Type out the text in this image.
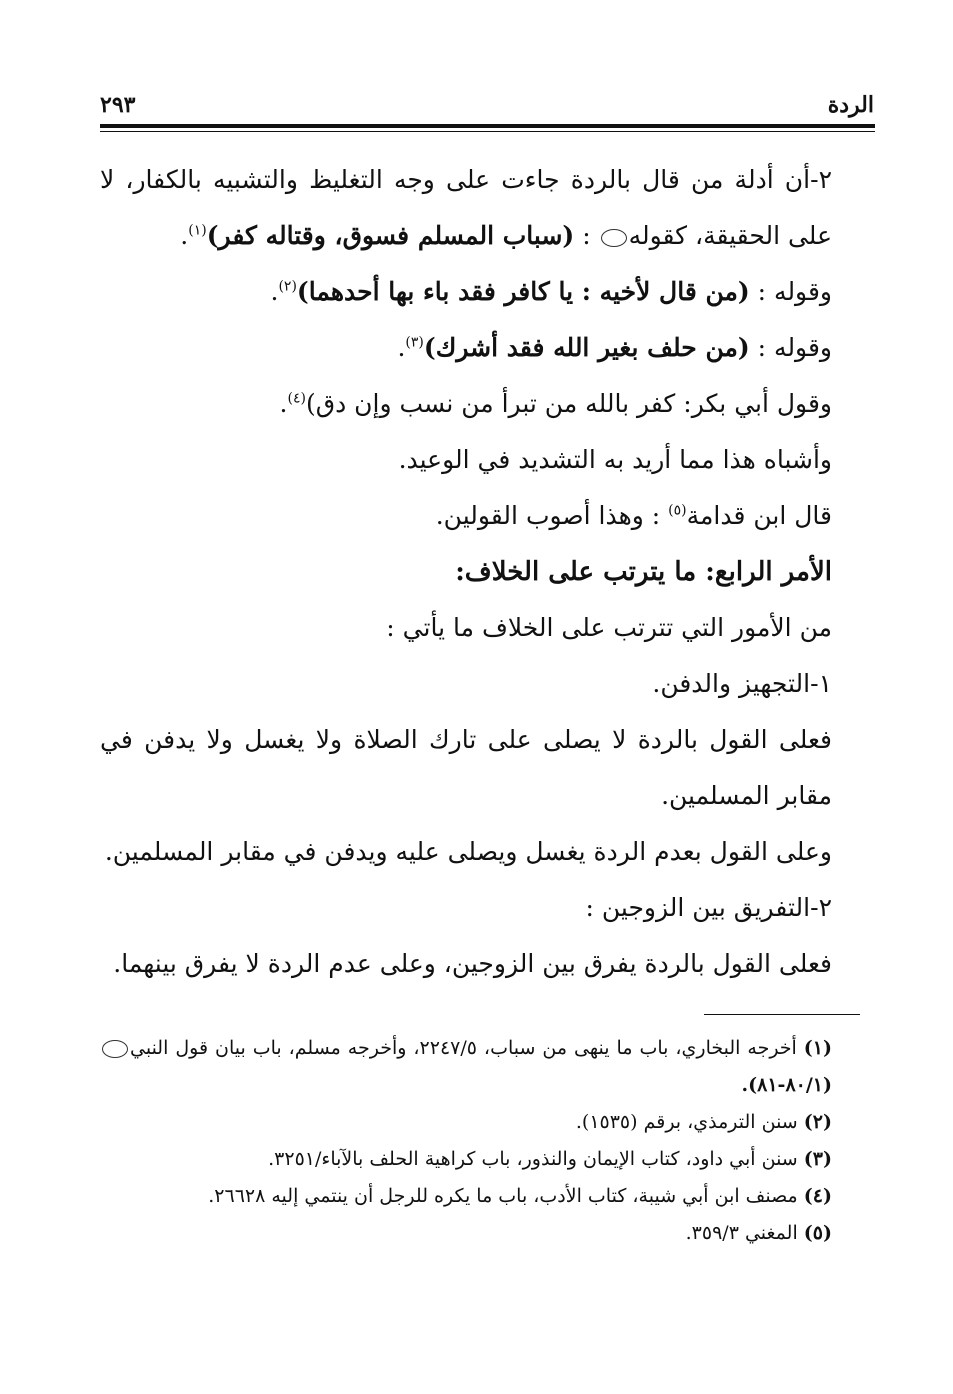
الردة
٢٩٣

٢-أن أدلة من قال بالردة جاءت على وجه التغليظ والتشبيه بالكفار، لا على الحقيقة، كقوله : (سباب المسلم فسوق، وقتاله كفر)$^{(١)}$.

وقوله : (من قال لأخيه : يا كافر فقد باء بها أحدهما)$^{(٢)}$.

وقوله : (من حلف بغير الله فقد أشرك)$^{(٣)}$.

وقول أبي بكر: كفر بالله من تبرأ من نسب وإن دق)$^{(٤)}$.

وأشباه هذا مما أريد به التشديد في الوعيد.

قال ابن قدامة$^{(٥)}$ : وهذا أصوب القولين.

الأمر الرابع: ما يترتب على الخلاف:

من الأمور التي تترتب على الخلاف ما يأتي :

١-التجهيز والدفن.

فعلى القول بالردة لا يصلى على تارك الصلاة ولا يغسل ولا يدفن في مقابر المسلمين.

وعلى القول بعدم الردة يغسل ويصلى عليه ويدفن في مقابر المسلمين.

٢-التفريق بين الزوجين :

فعلى القول بالردة يفرق بين الزوجين، وعلى عدم الردة لا يفرق بينهما.

(١) أخرجه البخاري، باب ما ينهى من سباب، ٢٢٤٧/٥، وأخرجه مسلم، باب بيان قول النبي (٨٠/١-٨١).

(٢) سنن الترمذي، برقم (١٥٣٥).

(٣) سنن أبي داود، كتاب الإيمان والنذور، باب كراهية الحلف بالآباء/٣٢٥١.

(٤) مصنف ابن أبي شيبة، كتاب الأدب، باب ما يكره للرجل أن ينتمي إليه ٢٦٦٢٨.

(٥) المغني ٣٥٩/٣.
